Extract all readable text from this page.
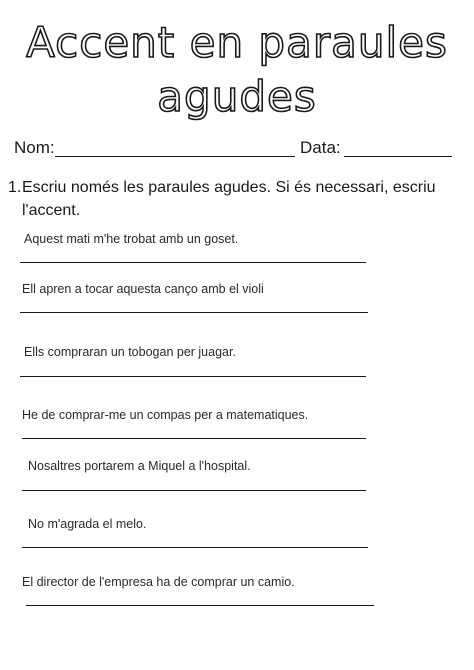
Accent en paraules
agudes
Nom:	Data:
1. Escriu només les paraules agudes. Si és necessari, escriu l'accent.
Aquest mati m'he trobat amb un goset.
Ell apren a tocar aquesta canço amb el violi
Ells compraran un tobogan per juagar.
He de comprar-me un compas per a matematiques.
Nosaltres portarem a Miquel a l'hospital.
No m'agrada el melo.
El director de l'empresa ha de comprar un camio.
